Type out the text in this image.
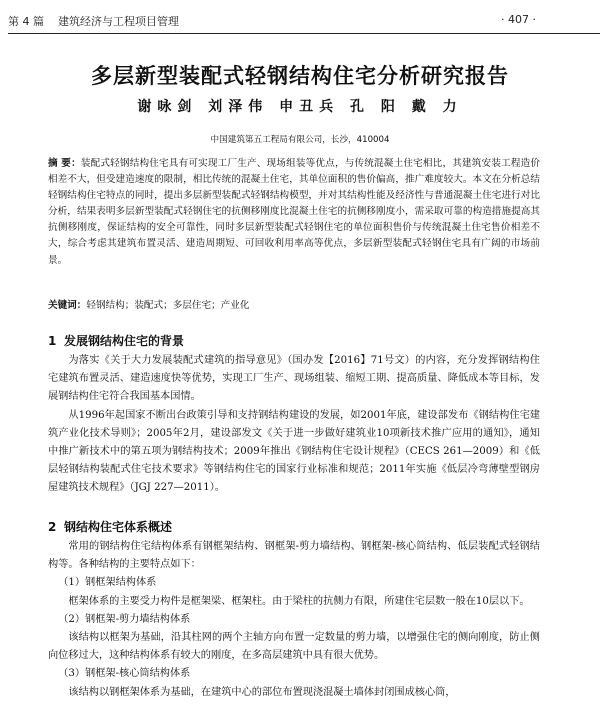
第 4 篇 建筑经济与工程项目管理	· 407 ·
多层新型装配式轻钢结构住宅分析研究报告
谢咏剑 刘泽伟 申丑兵 孔 阳 戴 力
中国建筑第五工程局有限公司，长沙，410004
摘 要：装配式轻钢结构住宅具有可实现工厂生产、现场组装等优点，与传统混凝土住宅相比，其建筑安装工程造价相差不大，但受建造速度的限制，相比传统的混凝土住宅，其单位面积的售价偏高，推广难度较大。本文在分析总结轻钢结构住宅特点的同时，提出多层新型装配式轻钢结构模型，并对其结构性能及经济性与普通混凝土住宅进行对比分析，结果表明多层新型装配式轻钢住宅的抗侧移刚度比混凝土住宅的抗侧移刚度小，需采取可靠的构造措施提高其抗侧移刚度，保证结构的安全可靠性，同时多层新型装配式轻钢住宅的单位面积售价与传统混凝土住宅售价相差不大，综合考虑其建筑布置灵活、建造周期短、可回收利用率高等优点，多层新型装配式轻钢住宅具有广阔的市场前景。
关键词：轻钢结构；装配式；多层住宅；产业化
1 发展钢结构住宅的背景

为落实《关于大力发展装配式建筑的指导意见》（国办发【2016】71号文）的内容，充分发挥钢结构住宅建筑布置灵活、建造速度快等优势，实现工厂生产、现场组装、缩短工期、提高质量、降低成本等目标，发展钢结构住宅符合我国基本国情。

从1996年起国家不断出台政策引导和支持钢结构建设的发展，如2001年底，建设部发布《钢结构住宅建筑产业化技术导则》；2005年2月，建设部发文《关于进一步做好建筑业10项新技术推广应用的通知》，通知中推广新技术中的第五项为钢结构技术；2009年推出《钢结构住宅设计规程》（CECS 261—2009）和《低层轻钢结构装配式住宅技术要求》等钢结构住宅的国家行业标准和规范；2011年实施《低层冷弯薄壁型钢房屋建筑技术规程》（JGJ 227—2011）。

2 钢结构住宅体系概述

常用的钢结构住宅结构体系有钢框架结构、钢框架-剪力墙结构、钢框架-核心筒结构、低层装配式轻钢结构等。各种结构的主要特点如下：

（1）钢框架结构体系

框架体系的主要受力构件是框架梁、框架柱。由于梁柱的抗侧力有限，所建住宅层数一般在10层以下。

（2）钢框架-剪力墙结构体系

该结构以框架为基础，沿其柱网的两个主轴方向布置一定数量的剪力墙，以增强住宅的侧向刚度，防止侧向位移过大，这种结构体系有较大的刚度，在多高层建筑中具有很大优势。

（3）钢框架-核心筒结构体系

该结构以钢框架体系为基础，在建筑中心的部位布置现浇混凝土墙体封闭围成核心筒，
